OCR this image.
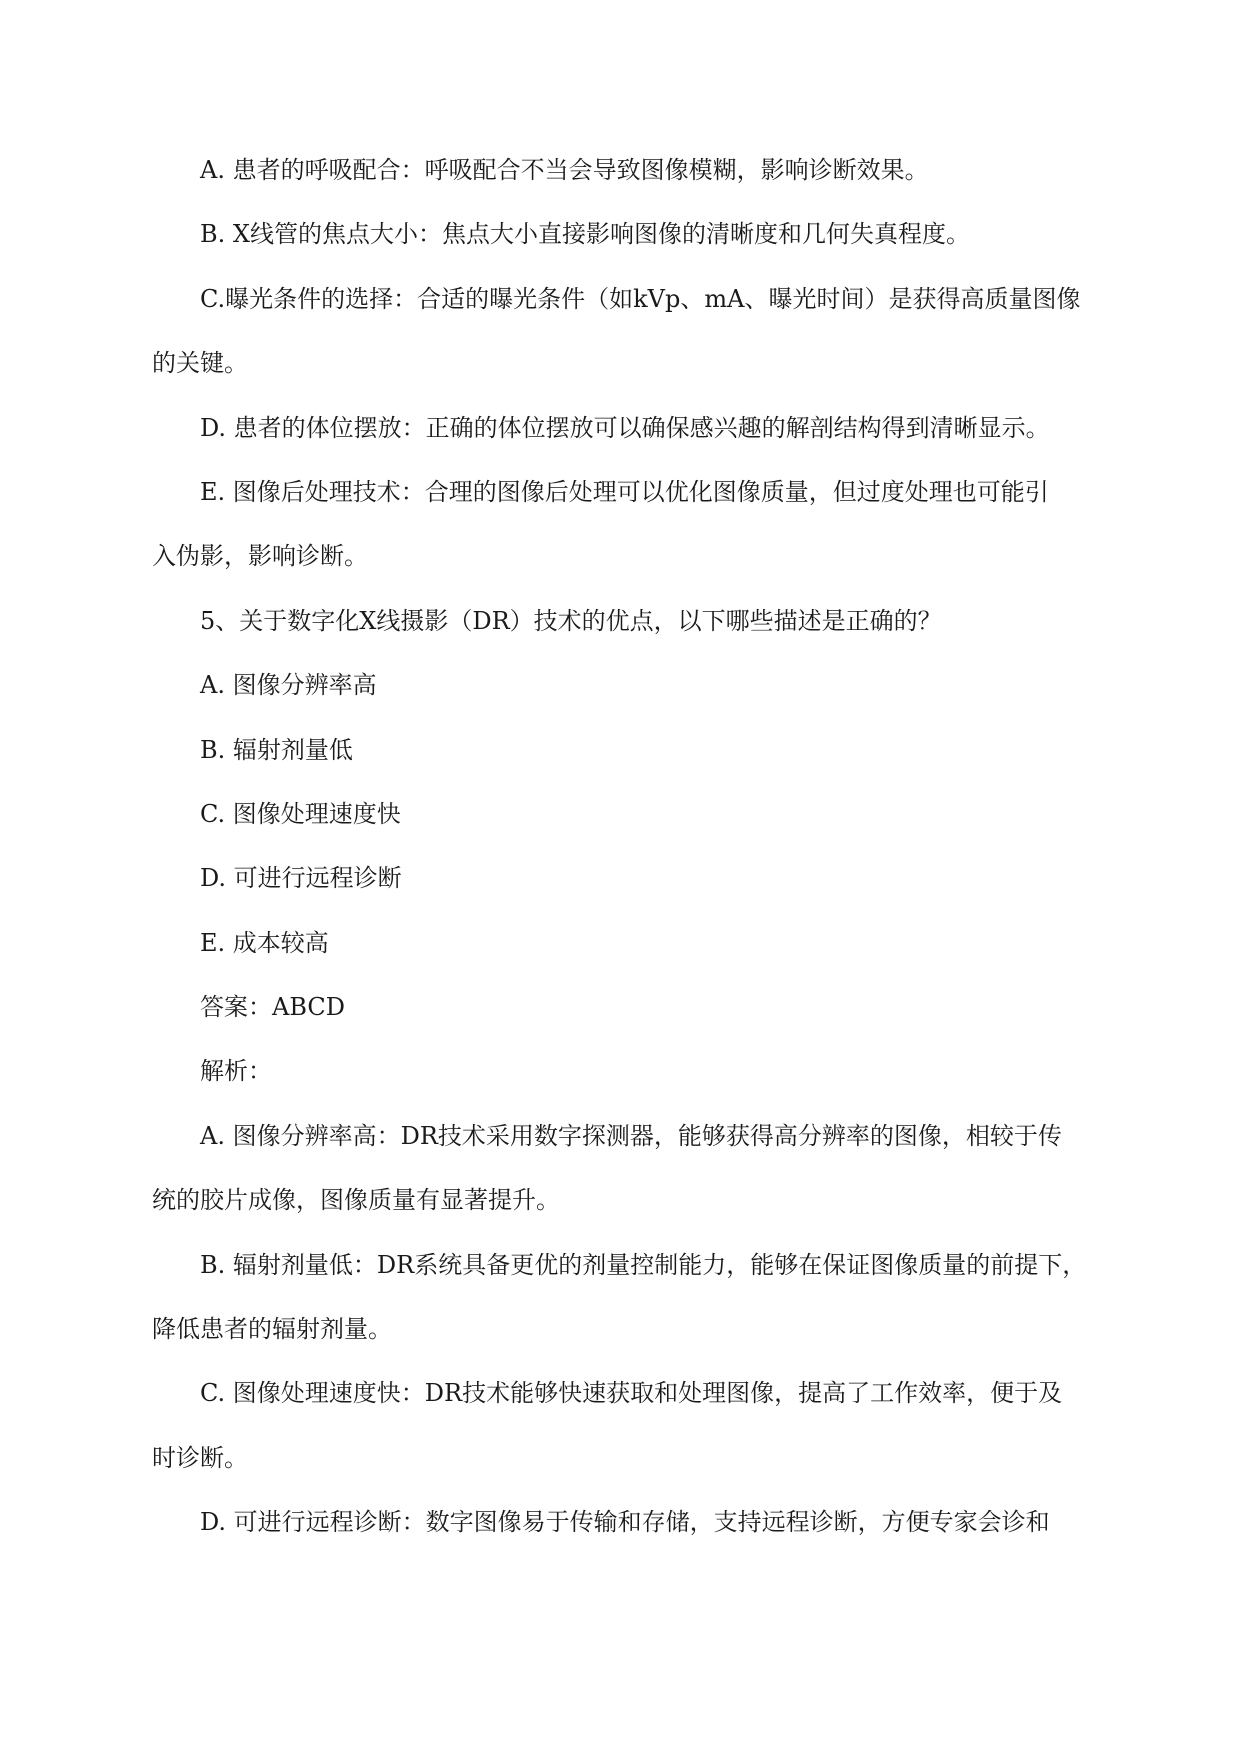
A. 患者的呼吸配合：呼吸配合不当会导致图像模糊，影响诊断效果。
B. X线管的焦点大小：焦点大小直接影响图像的清晰度和几何失真程度。
C.曝光条件的选择：合适的曝光条件（如kVp、mA、曝光时间）是获得高质量图像
的关键。
D. 患者的体位摆放：正确的体位摆放可以确保感兴趣的解剖结构得到清晰显示。
E. 图像后处理技术：合理的图像后处理可以优化图像质量，但过度处理也可能引
入伪影，影响诊断。
5、关于数字化X线摄影（DR）技术的优点，以下哪些描述是正确的？
A. 图像分辨率高
B. 辐射剂量低
C. 图像处理速度快
D. 可进行远程诊断
E. 成本较高
答案：ABCD
解析：
A. 图像分辨率高：DR技术采用数字探测器，能够获得高分辨率的图像，相较于传
统的胶片成像，图像质量有显著提升。
B. 辐射剂量低：DR系统具备更优的剂量控制能力，能够在保证图像质量的前提下，
降低患者的辐射剂量。
C. 图像处理速度快：DR技术能够快速获取和处理图像，提高了工作效率，便于及
时诊断。
D. 可进行远程诊断：数字图像易于传输和存储，支持远程诊断，方便专家会诊和
